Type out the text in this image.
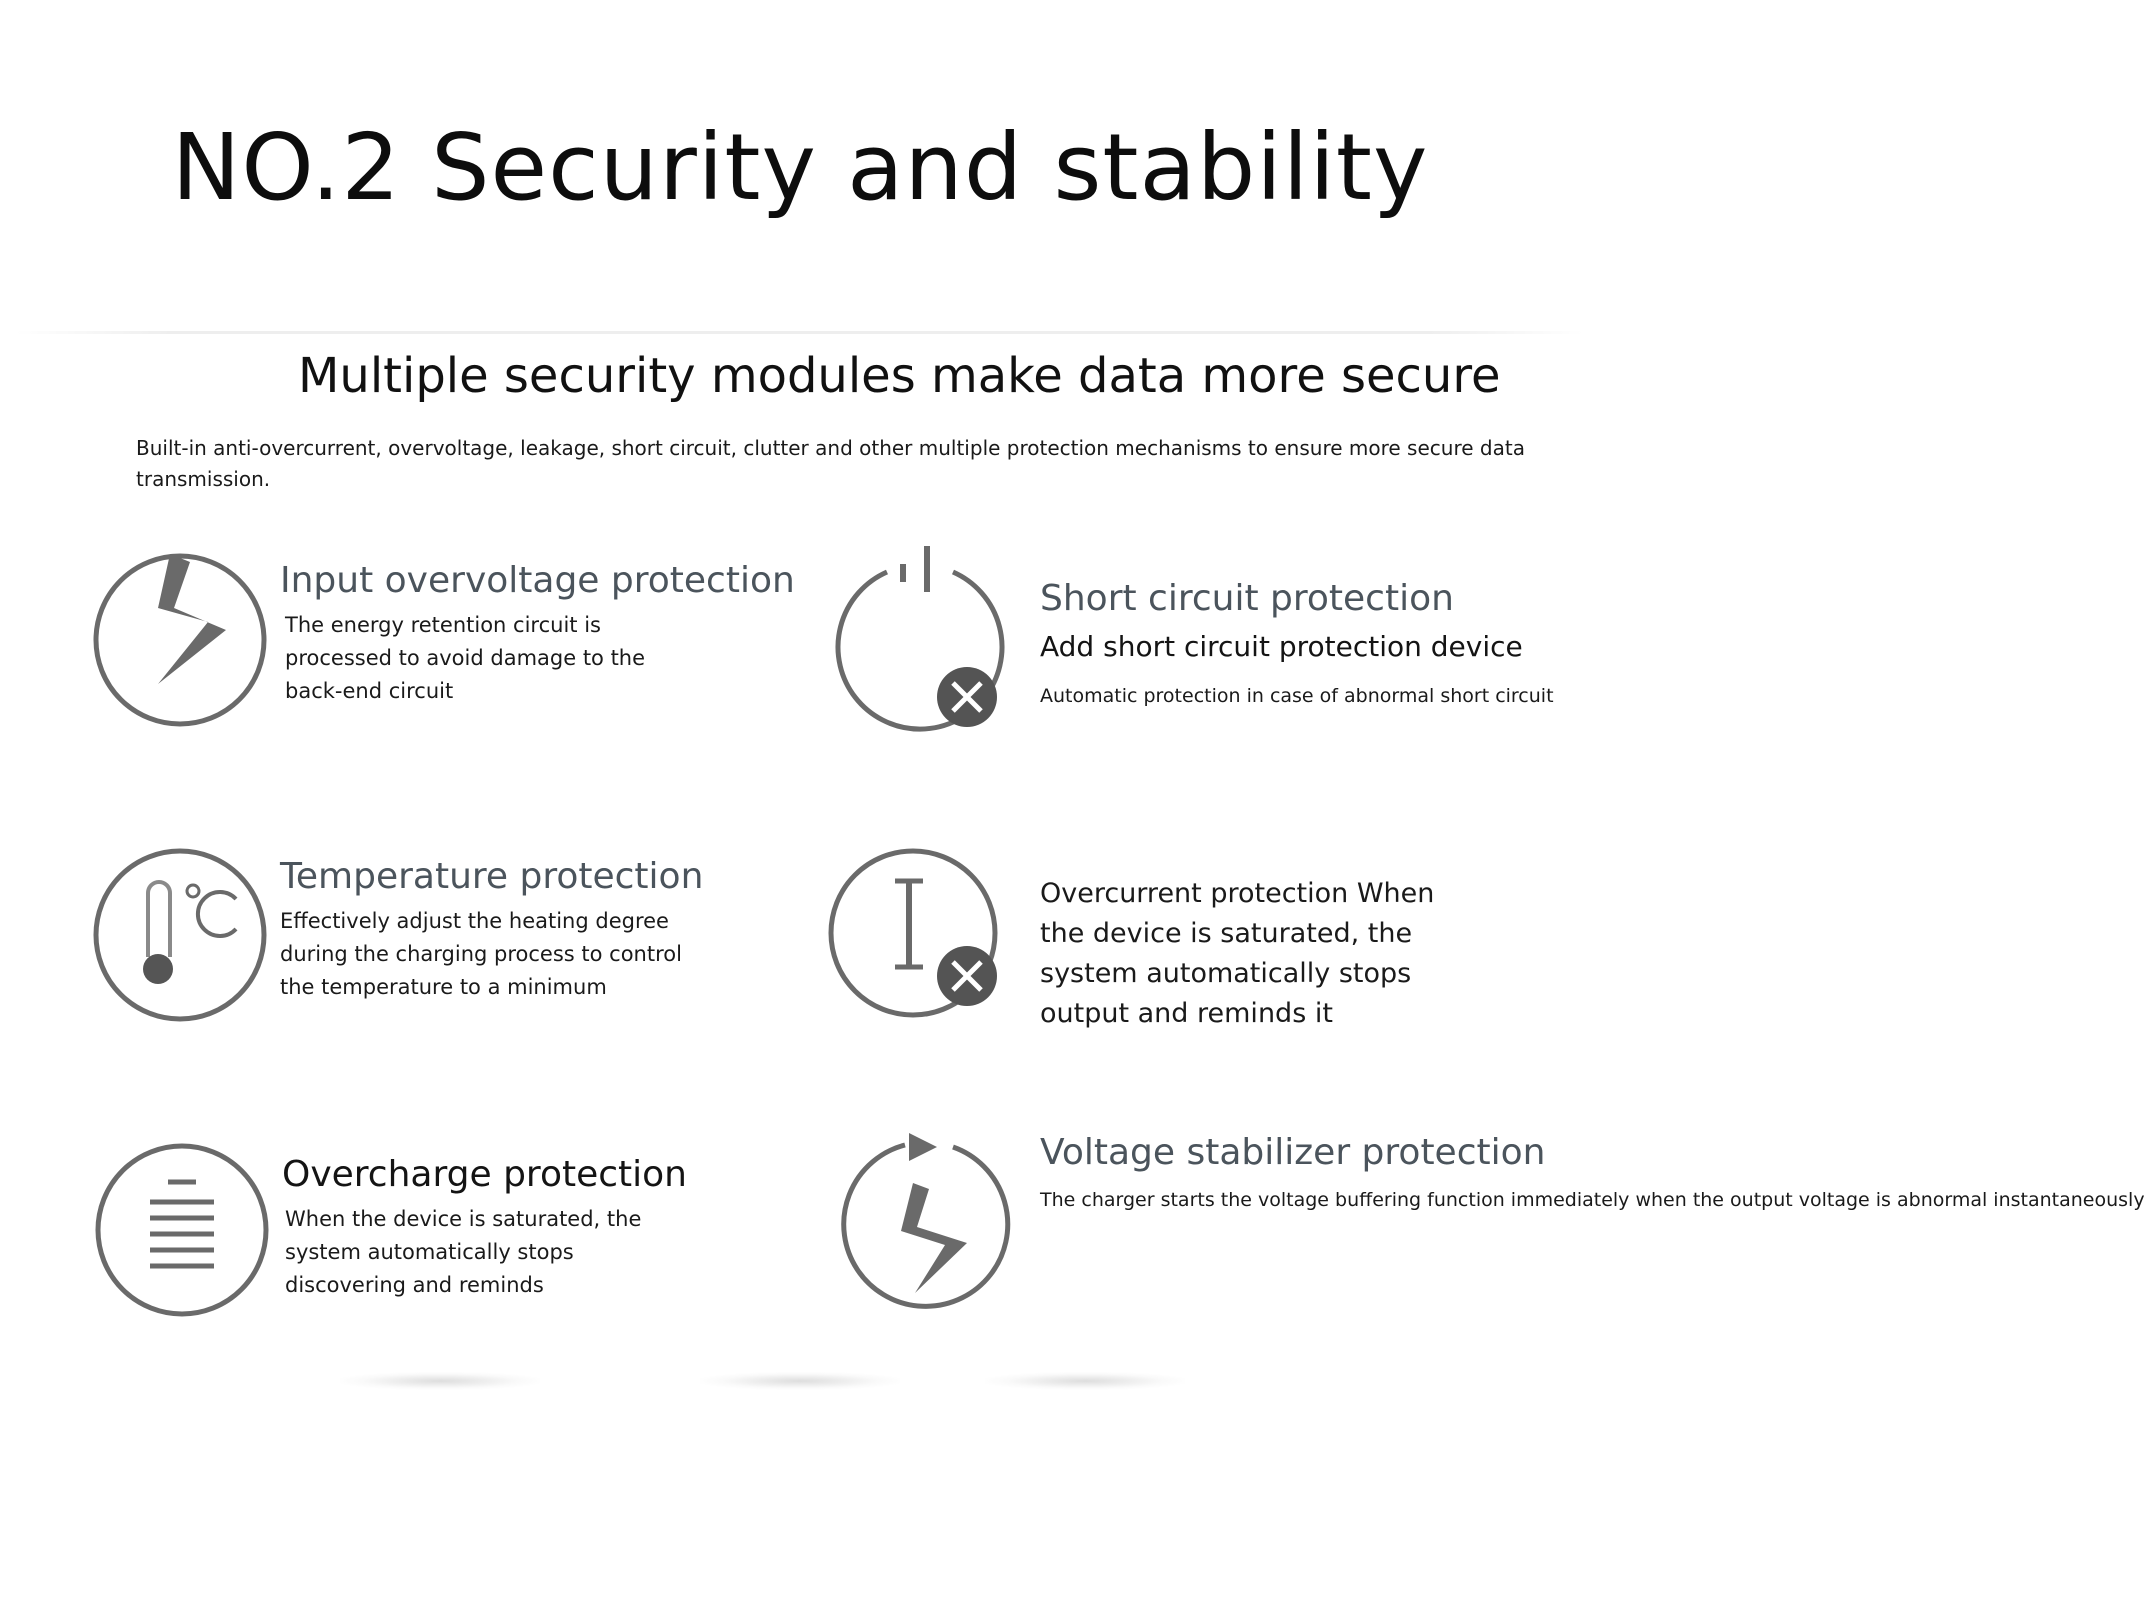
NO.2 Security and stability
Multiple security modules make data more secure
Built-in anti-overcurrent, overvoltage, leakage, short circuit, clutter and other multiple protection mechanisms to ensure more secure data transmission.
Input overvoltage protection
The energy retention circuit is
processed to avoid damage to the
back-end circuit
Short circuit protection
Add short circuit protection device
Automatic protection in case of abnormal short circuit
Temperature protection
Effectively adjust the heating degree
during the charging process to control
the temperature to a minimum
Overcurrent protection When
the device is saturated, the
system automatically stops
output and reminds it
Overcharge protection
When the device is saturated, the
system automatically stops
discovering and reminds
Voltage stabilizer protection
The charger starts the voltage buffering function immediately when the output voltage is abnormal instantaneously
